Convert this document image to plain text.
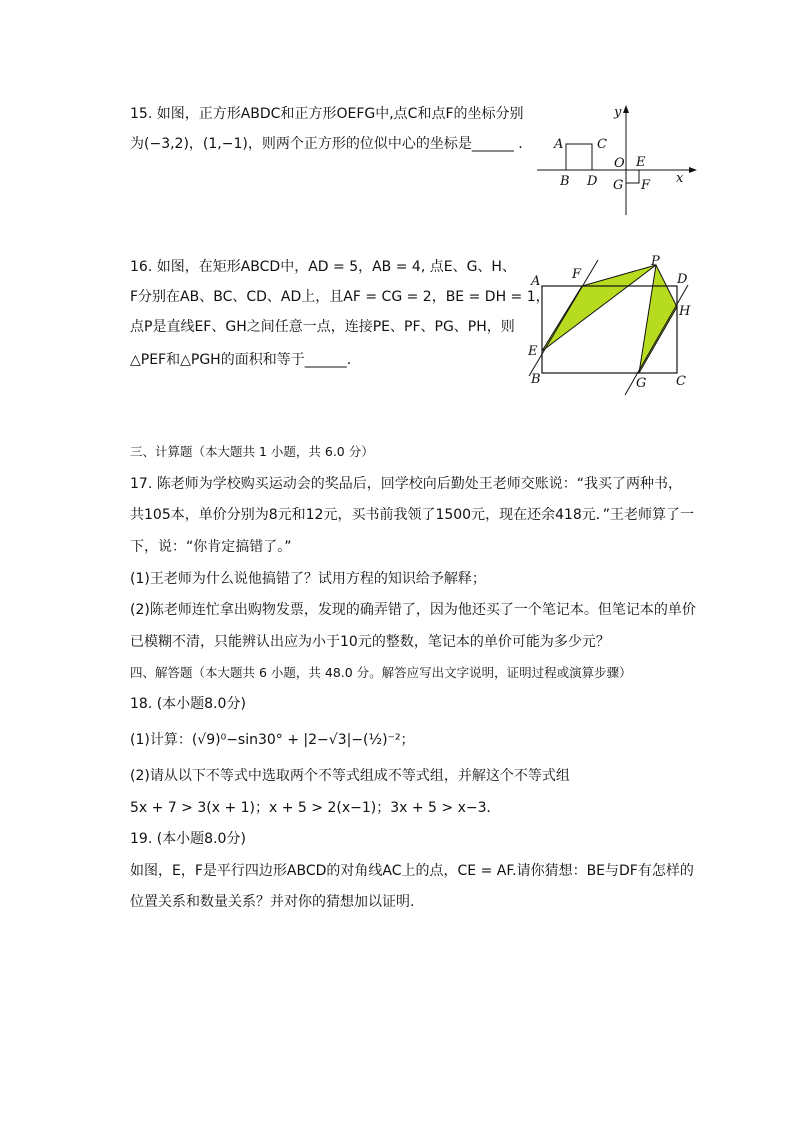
15. 如图，正方形ABDC和正方形OEFG中,点C和点F的坐标分别

为(−3,2)，(1,−1)，则两个正方形的位似中心的坐标是______ .

y
x
A	C
B D
O E
G F

16. 如图，在矩形ABCD中，AD = 5，AB = 4, 点E、G、H、

F分别在AB、BC、CD、AD上，且AF = CG = 2，BE = DH = 1，

点P是直线EF、GH之间任意一点，连接PE、PF、PG、PH，则

△PEF和△PGH的面积和等于______.

A F
P
D
H
E
B	G C

三、计算题（本大题共 1 小题，共 6.0 分）

17. 陈老师为学校购买运动会的奖品后，回学校向后勤处王老师交账说：“我买了两种书，

共105本，单价分别为8元和12元，买书前我领了1500元，现在还余418元．”王老师算了一

下，说：“你肯定搞错了。”

(1)王老师为什么说他搞错了？试用方程的知识给予解释；

(2)陈老师连忙拿出购物发票，发现的确弄错了，因为他还买了一个笔记本。但笔记本的单价

已模糊不清，只能辨认出应为小于10元的整数，笔记本的单价可能为多少元？

四、解答题（本大题共 6 小题，共 48.0 分。解答应写出文字说明，证明过程或演算步骤）

18. (本小题8.0分)

(1)计算：(√9)⁰−sin30° + |2−√3|−(½)⁻²；

(2)请从以下不等式中选取两个不等式组成不等式组，并解这个不等式组

5x + 7 > 3(x + 1)；x + 5 > 2(x−1)；3x + 5 > x−3．

19. (本小题8.0分)

如图，E，F是平行四边形ABCD的对角线AC上的点，CE = AF.请你猜想：BE与DF有怎样的

位置关系和数量关系？并对你的猜想加以证明.
